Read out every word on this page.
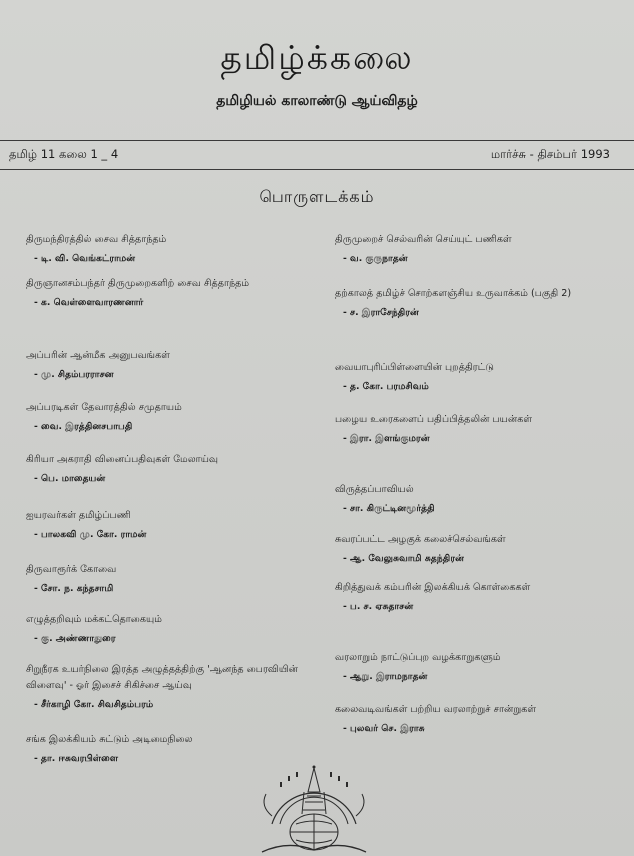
தமிழ்க்கலை
தமிழியல் காலாண்டு ஆய்விதழ்
தமிழ் 11 கலை 1 _ 4	மார்ச்சு - திசம்பர் 1993
பொருளடக்கம்
திருமந்திரத்தில் சைவ சித்தாந்தம்
- டி. வி. வெங்கட்ராமன்
திருஞானசம்பந்தர் திருமுறைகளிற் சைவ சித்தாந்தம்
- க. வெள்ளைவாரணனார்
அப்பரின் ஆன்மீக அனுபவங்கள்
- மு. சிதம்பரராசன
அப்பரடிகள் தேவாரத்தில் சமுதாயம்
- வை. இரத்தினசபாபதி
கிரியா அகராதி வினைப்பதிவுகள் மேலாய்வு
- பெ. மாதையன்
ஐயரவர்கள் தமிழ்ப்பணி
- பாலகவி மு. கோ. ராமன்
திருவாரூர்க் கோவை
- சோ. ந. கந்தசாமி
எழுத்தறிவும் மக்கட்தொகையும்
- கு. அண்ணாதுரை
சிறுநீரக உயர்நிலை இரத்த அழுத்தத்திற்கு 'ஆனந்த பைரவியின் விளைவு' - ஓர் இசைச் சிகிச்சை ஆய்வு
- சீர்காழி கோ. சிவசிதம்பரம்
சங்க இலக்கியம் சுட்டும் அடிமைநிலை
- தா. ஈசுவரபிள்ளை
திருமுறைச் செல்வரின் செய்யுட் பணிகள்
- வ. குருநாதன்
தற்காலத் தமிழ்ச் சொற்களஞ்சிய உருவாக்கம் (பகுதி 2)
- ச. இராசேந்திரன்
வையாபுரிப்பிள்ளையின் புறத்திரட்டு
- த. கோ. பரமசிவம்
பழைய உரைகளைப் பதிப்பித்தலின் பயன்கள்
- இரா. இளங்குமரன்
விருத்தப்பாவியல்
- சா. கிருட்டினமூர்த்தி
சுவரப்பட்ட அழகுக் கலைச்செல்வங்கள்
- ஆ. வேலுசுவாமி சுதந்திரன்
கிறித்துவக் கம்பரின் இலக்கியக் கொள்கைகள்
- ப. ச. ஏசுதாசன்
வரலாறும் நாட்டுப்புற வழக்காறுகளும்
- ஆறு. இராமநாதன்
கலைவடிவங்கள் பற்றிய வரலாற்றுச் சான்றுகள்
- புலவர் செ. இராசு
